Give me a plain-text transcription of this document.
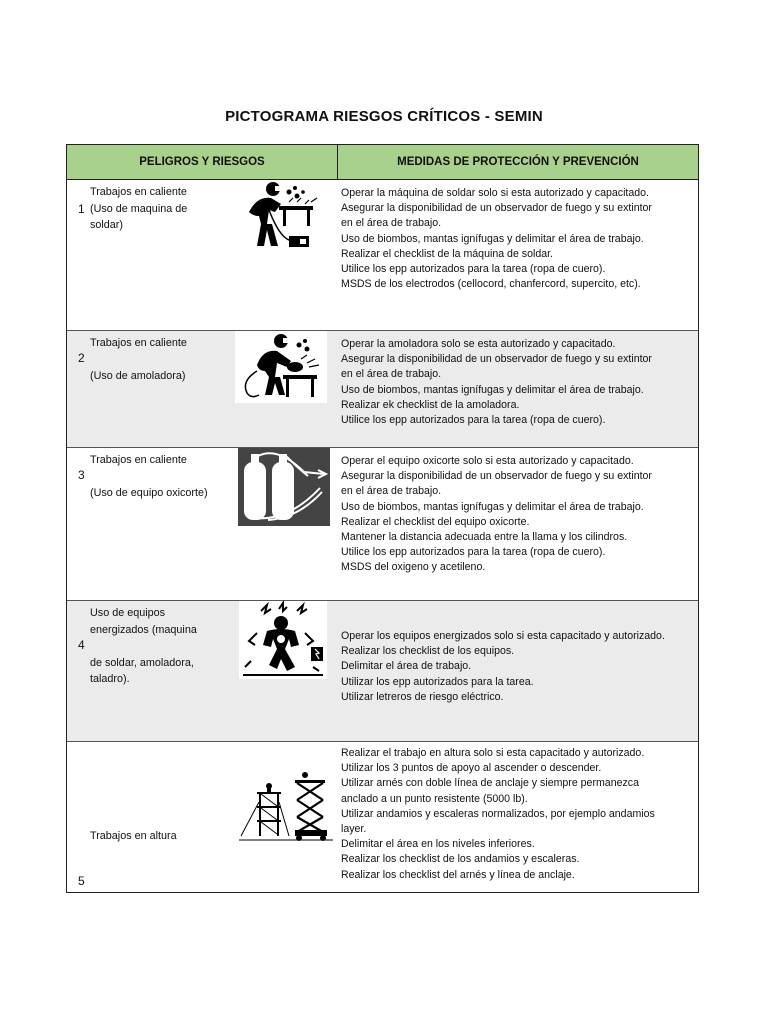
PICTOGRAMA RIESGOS CRÍTICOS - SEMIN
PELIGROS Y RIESGOS	MEDIDAS DE PROTECCIÓN Y PREVENCIÓN
1
Trabajos en caliente
(Uso de maquina de
soldar)
Operar la máquina de soldar solo si esta autorizado y capacitado.
Asegurar la disponibilidad de un observador de fuego y su extintor
en el área de trabajo.
Uso de biombos, mantas ignífugas y delimitar el área de trabajo.
Realizar el checklist de la máquina de soldar.
Utilice los epp autorizados para la tarea (ropa de cuero).
MSDS de los electrodos (cellocord, chanfercord, supercito, etc).
2
Trabajos en caliente
(Uso de amoladora)
Operar la amoladora solo se esta autorizado y capacitado.
Asegurar la disponibilidad de un observador de fuego y su extintor
en el área de trabajo.
Uso de biombos, mantas ignífugas y delimitar el área de trabajo.
Realizar ek checklist de la amoladora.
Utilice los epp autorizados para la tarea (ropa de cuero).
3
Trabajos en caliente
(Uso de equipo oxicorte)
Operar el equipo oxicorte solo si esta autorizado y capacitado.
Asegurar la disponibilidad de un observador de fuego y su extintor
en el área de trabajo.
Uso de biombos, mantas ignífugas y delimitar el área de trabajo.
Realizar el checklist del equipo oxicorte.
Mantener la distancia adecuada entre la llama y los cilindros.
Utilice los epp autorizados para la tarea (ropa de cuero).
MSDS del oxigeno y acetileno.
4
Uso de equipos
energizados (maquina
de soldar, amoladora,
taladro).
Operar los equipos energizados solo si esta capacitado y autorizado.
Realizar los checklist de los equipos.
Delimitar el área de trabajo.
Utilizar los epp autorizados para la tarea.
Utilizar letreros de riesgo eléctrico.
5
Trabajos en altura
Realizar el trabajo en altura solo si esta capacitado y autorizado.
Utilizar los 3 puntos de apoyo al ascender o descender.
Utilizar arnés con doble línea de anclaje y siempre permanezca
anclado a un punto resistente (5000 lb).
Utilizar andamios y escaleras normalizados, por ejemplo andamios
layer.
Delimitar el área en los niveles inferiores.
Realizar los checklist de los andamios y escaleras.
Realizar los checklist del arnés y línea de anclaje.
